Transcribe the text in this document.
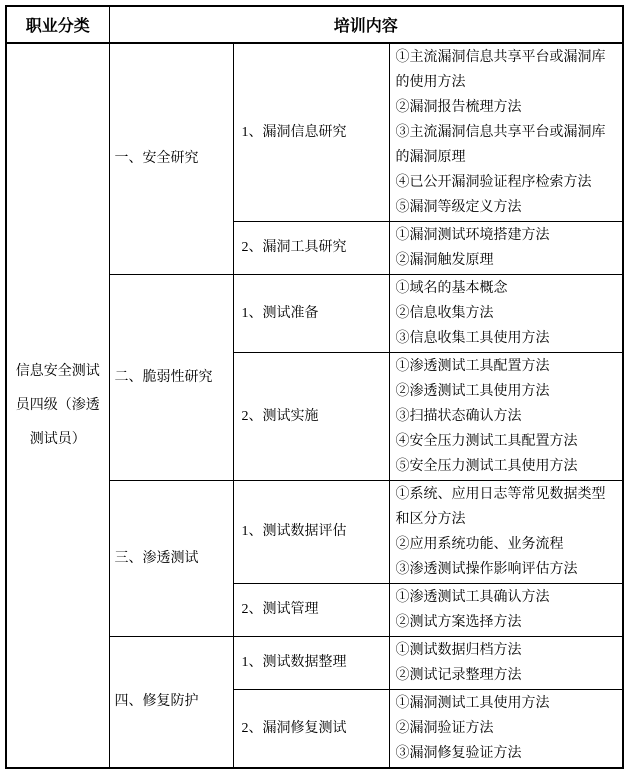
职业分类	培训内容		
信息安全测试员四级（渗透测试员）	一、安全研究	1、漏洞信息研究	①主流漏洞信息共享平台或漏洞库的使用方法
②漏洞报告梳理方法
③主流漏洞信息共享平台或漏洞库的漏洞原理
④已公开漏洞验证程序检索方法
⑤漏洞等级定义方法

		2、漏洞工具研究	①漏洞测试环境搭建方法
②漏洞触发原理

	二、脆弱性研究	1、测试准备	①域名的基本概念
②信息收集方法
③信息收集工具使用方法

		2、测试实施	①渗透测试工具配置方法
②渗透测试工具使用方法
③扫描状态确认方法
④安全压力测试工具配置方法
⑤安全压力测试工具使用方法

	三、渗透测试	1、测试数据评估	①系统、应用日志等常见数据类型和区分方法
②应用系统功能、业务流程
③渗透测试操作影响评估方法

		2、测试管理	①渗透测试工具确认方法
②测试方案选择方法

	四、修复防护	1、测试数据整理	①测试数据归档方法
②测试记录整理方法

		2、漏洞修复测试	①漏洞测试工具使用方法
②漏洞验证方法
③漏洞修复验证方法
